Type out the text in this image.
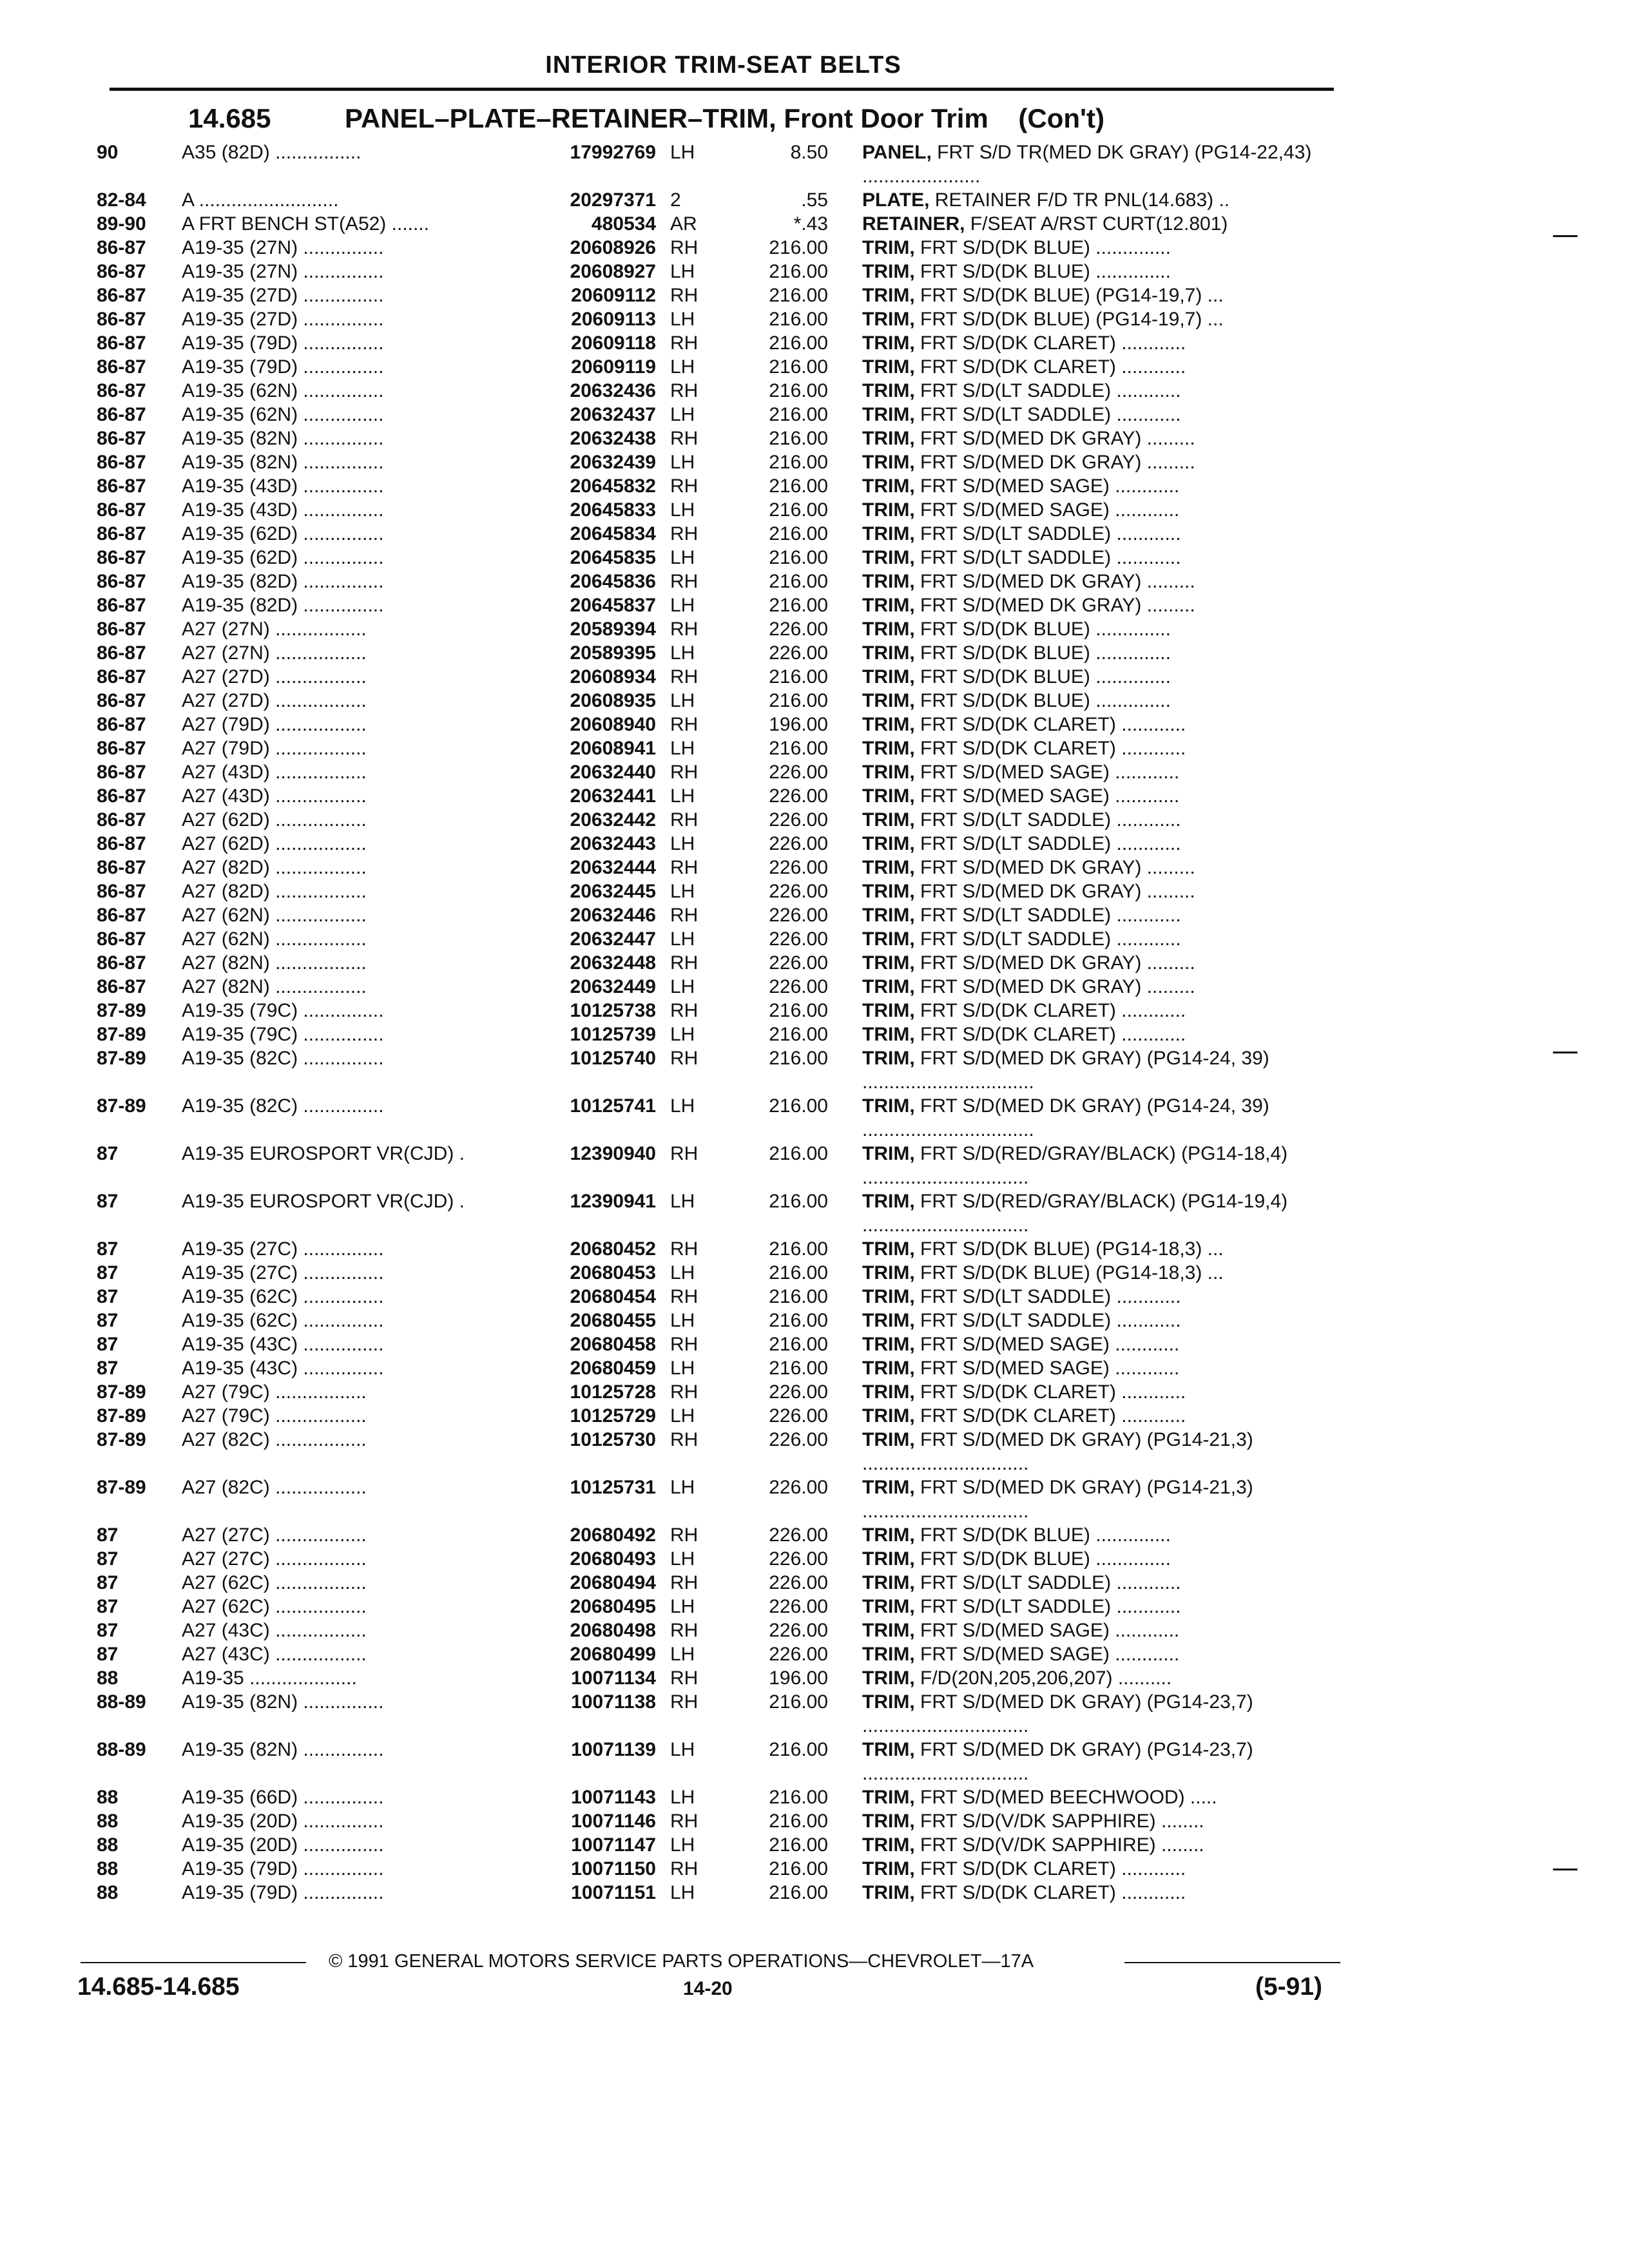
INTERIOR TRIM-SEAT BELTS
14.685	PANEL–PLATE–RETAINER–TRIM, Front Door Trim    (Con't)
90	A35 (82D) ................	17992769 LH	8.50 PANEL, FRT S/D TR(MED DK GRAY) (PG14-22,43) ......................
82-84	A ..........................	20297371 2	.55 PLATE, RETAINER F/D TR PNL(14.683) ..
89-90	A FRT BENCH ST(A52) .......	480534 AR	*.43 RETAINER, F/SEAT A/RST CURT(12.801)
86-87	A19-35 (27N) ...............	20608926 RH	216.00 TRIM, FRT S/D(DK BLUE) ..............
86-87	A19-35 (27N) ...............	20608927 LH	216.00 TRIM, FRT S/D(DK BLUE) ..............
86-87	A19-35 (27D) ...............	20609112 RH	216.00 TRIM, FRT S/D(DK BLUE) (PG14-19,7) ...
86-87	A19-35 (27D) ...............	20609113 LH	216.00 TRIM, FRT S/D(DK BLUE) (PG14-19,7) ...
86-87	A19-35 (79D) ...............	20609118 RH	216.00 TRIM, FRT S/D(DK CLARET) ............
86-87	A19-35 (79D) ...............	20609119 LH	216.00 TRIM, FRT S/D(DK CLARET) ............
86-87	A19-35 (62N) ...............	20632436 RH	216.00 TRIM, FRT S/D(LT SADDLE) ............
86-87	A19-35 (62N) ...............	20632437 LH	216.00 TRIM, FRT S/D(LT SADDLE) ............
86-87	A19-35 (82N) ...............	20632438 RH	216.00 TRIM, FRT S/D(MED DK GRAY) .........
86-87	A19-35 (82N) ...............	20632439 LH	216.00 TRIM, FRT S/D(MED DK GRAY) .........
86-87	A19-35 (43D) ...............	20645832 RH	216.00 TRIM, FRT S/D(MED SAGE) ............
86-87	A19-35 (43D) ...............	20645833 LH	216.00 TRIM, FRT S/D(MED SAGE) ............
86-87	A19-35 (62D) ...............	20645834 RH	216.00 TRIM, FRT S/D(LT SADDLE) ............
86-87	A19-35 (62D) ...............	20645835 LH	216.00 TRIM, FRT S/D(LT SADDLE) ............
86-87	A19-35 (82D) ...............	20645836 RH	216.00 TRIM, FRT S/D(MED DK GRAY) .........
86-87	A19-35 (82D) ...............	20645837 LH	216.00 TRIM, FRT S/D(MED DK GRAY) .........
86-87	A27 (27N) .................	20589394 RH	226.00 TRIM, FRT S/D(DK BLUE) ..............
86-87	A27 (27N) .................	20589395 LH	226.00 TRIM, FRT S/D(DK BLUE) ..............
86-87	A27 (27D) .................	20608934 RH	216.00 TRIM, FRT S/D(DK BLUE) ..............
86-87	A27 (27D) .................	20608935 LH	216.00 TRIM, FRT S/D(DK BLUE) ..............
86-87	A27 (79D) .................	20608940 RH	196.00 TRIM, FRT S/D(DK CLARET) ............
86-87	A27 (79D) .................	20608941 LH	216.00 TRIM, FRT S/D(DK CLARET) ............
86-87	A27 (43D) .................	20632440 RH	226.00 TRIM, FRT S/D(MED SAGE) ............
86-87	A27 (43D) .................	20632441 LH	226.00 TRIM, FRT S/D(MED SAGE) ............
86-87	A27 (62D) .................	20632442 RH	226.00 TRIM, FRT S/D(LT SADDLE) ............
86-87	A27 (62D) .................	20632443 LH	226.00 TRIM, FRT S/D(LT SADDLE) ............
86-87	A27 (82D) .................	20632444 RH	226.00 TRIM, FRT S/D(MED DK GRAY) .........
86-87	A27 (82D) .................	20632445 LH	226.00 TRIM, FRT S/D(MED DK GRAY) .........
86-87	A27 (62N) .................	20632446 RH	226.00 TRIM, FRT S/D(LT SADDLE) ............
86-87	A27 (62N) .................	20632447 LH	226.00 TRIM, FRT S/D(LT SADDLE) ............
86-87	A27 (82N) .................	20632448 RH	226.00 TRIM, FRT S/D(MED DK GRAY) .........
86-87	A27 (82N) .................	20632449 LH	226.00 TRIM, FRT S/D(MED DK GRAY) .........
87-89	A19-35 (79C) ...............	10125738 RH	216.00 TRIM, FRT S/D(DK CLARET) ............
87-89	A19-35 (79C) ...............	10125739 LH	216.00 TRIM, FRT S/D(DK CLARET) ............
87-89	A19-35 (82C) ...............	10125740 RH	216.00 TRIM, FRT S/D(MED DK GRAY) (PG14-24, 39) ................................
87-89	A19-35 (82C) ...............	10125741 LH	216.00 TRIM, FRT S/D(MED DK GRAY) (PG14-24, 39) ................................
87	A19-35 EUROSPORT VR(CJD) .	12390940 RH	216.00 TRIM, FRT S/D(RED/GRAY/BLACK) (PG14-18,4) ...............................
87	A19-35 EUROSPORT VR(CJD) .	12390941 LH	216.00 TRIM, FRT S/D(RED/GRAY/BLACK) (PG14-19,4) ...............................
87	A19-35 (27C) ...............	20680452 RH	216.00 TRIM, FRT S/D(DK BLUE) (PG14-18,3) ...
87	A19-35 (27C) ...............	20680453 LH	216.00 TRIM, FRT S/D(DK BLUE) (PG14-18,3) ...
87	A19-35 (62C) ...............	20680454 RH	216.00 TRIM, FRT S/D(LT SADDLE) ............
87	A19-35 (62C) ...............	20680455 LH	216.00 TRIM, FRT S/D(LT SADDLE) ............
87	A19-35 (43C) ...............	20680458 RH	216.00 TRIM, FRT S/D(MED SAGE) ............
87	A19-35 (43C) ...............	20680459 LH	216.00 TRIM, FRT S/D(MED SAGE) ............
87-89	A27 (79C) .................	10125728 RH	226.00 TRIM, FRT S/D(DK CLARET) ............
87-89	A27 (79C) .................	10125729 LH	226.00 TRIM, FRT S/D(DK CLARET) ............
87-89	A27 (82C) .................	10125730 RH	226.00 TRIM, FRT S/D(MED DK GRAY) (PG14-21,3) ...............................
87-89	A27 (82C) .................	10125731 LH	226.00 TRIM, FRT S/D(MED DK GRAY) (PG14-21,3) ...............................
87	A27 (27C) .................	20680492 RH	226.00 TRIM, FRT S/D(DK BLUE) ..............
87	A27 (27C) .................	20680493 LH	226.00 TRIM, FRT S/D(DK BLUE) ..............
87	A27 (62C) .................	20680494 RH	226.00 TRIM, FRT S/D(LT SADDLE) ............
87	A27 (62C) .................	20680495 LH	226.00 TRIM, FRT S/D(LT SADDLE) ............
87	A27 (43C) .................	20680498 RH	226.00 TRIM, FRT S/D(MED SAGE) ............
87	A27 (43C) .................	20680499 LH	226.00 TRIM, FRT S/D(MED SAGE) ............
88	A19-35 ....................	10071134 RH	196.00 TRIM, F/D(20N,205,206,207) ..........
88-89	A19-35 (82N) ...............	10071138 RH	216.00 TRIM, FRT S/D(MED DK GRAY) (PG14-23,7) ...............................
88-89	A19-35 (82N) ...............	10071139 LH	216.00 TRIM, FRT S/D(MED DK GRAY) (PG14-23,7) ...............................
88	A19-35 (66D) ...............	10071143 LH	216.00 TRIM, FRT S/D(MED BEECHWOOD) .....
88	A19-35 (20D) ...............	10071146 RH	216.00 TRIM, FRT S/D(V/DK SAPPHIRE) ........
88	A19-35 (20D) ...............	10071147 LH	216.00 TRIM, FRT S/D(V/DK SAPPHIRE) ........
88	A19-35 (79D) ...............	10071150 RH	216.00 TRIM, FRT S/D(DK CLARET) ............
88	A19-35 (79D) ...............	10071151 LH	216.00 TRIM, FRT S/D(DK CLARET) ............
© 1991 GENERAL MOTORS SERVICE PARTS OPERATIONS—CHEVROLET—17A
14.685-14.685	14-20	(5-91)
